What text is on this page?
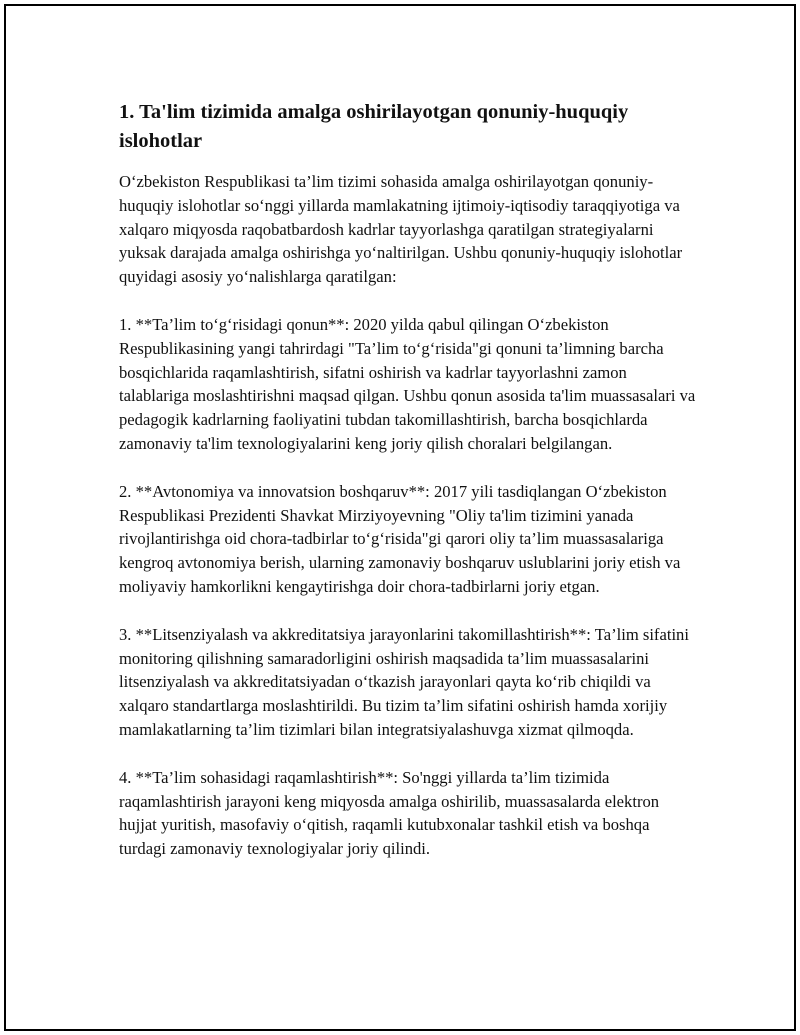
1. Ta'lim tizimida amalga oshirilayotgan qonuniy-huquqiy islohotlar

O‘zbekiston Respublikasi ta’lim tizimi sohasida amalga oshirilayotgan qonuniy-huquqiy islohotlar so‘nggi yillarda mamlakatning ijtimoiy-iqtisodiy taraqqiyotiga va xalqaro miqyosda raqobatbardosh kadrlar tayyorlashga qaratilgan strategiyalarni yuksak darajada amalga oshirishga yo‘naltirilgan. Ushbu qonuniy-huquqiy islohotlar quyidagi asosiy yo‘nalishlarga qaratilgan:

1. **Ta’lim to‘g‘risidagi qonun**: 2020 yilda qabul qilingan O‘zbekiston Respublikasining yangi tahrirdagi "Ta’lim to‘g‘risida"gi qonuni ta’limning barcha bosqichlarida raqamlashtirish, sifatni oshirish va kadrlar tayyorlashni zamon talablariga moslashtirishni maqsad qilgan. Ushbu qonun asosida ta'lim muassasalari va pedagogik kadrlarning faoliyatini tubdan takomillashtirish, barcha bosqichlarda zamonaviy ta'lim texnologiyalarini keng joriy qilish choralari belgilangan.

2. **Avtonomiya va innovatsion boshqaruv**: 2017 yili tasdiqlangan O‘zbekiston Respublikasi Prezidenti Shavkat Mirziyoyevning "Oliy ta'lim tizimini yanada rivojlantirishga oid chora-tadbirlar to‘g‘risida"gi qarori oliy ta’lim muassasalariga kengroq avtonomiya berish, ularning zamonaviy boshqaruv uslublarini joriy etish va moliyaviy hamkorlikni kengaytirishga doir chora-tadbirlarni joriy etgan.

3. **Litsenziyalash va akkreditatsiya jarayonlarini takomillashtirish**: Ta’lim sifatini monitoring qilishning samaradorligini oshirish maqsadida ta’lim muassasalarini litsenziyalash va akkreditatsiyadan o‘tkazish jarayonlari qayta ko‘rib chiqildi va xalqaro standartlarga moslashtirildi. Bu tizim ta’lim sifatini oshirish hamda xorijiy mamlakatlarning ta’lim tizimlari bilan integratsiyalashuvga xizmat qilmoqda.

4. **Ta’lim sohasidagi raqamlashtirish**: So'nggi yillarda ta’lim tizimida raqamlashtirish jarayoni keng miqyosda amalga oshirilib, muassasalarda elektron hujjat yuritish, masofaviy o‘qitish, raqamli kutubxonalar tashkil etish va boshqa turdagi zamonaviy texnologiyalar joriy qilindi.
